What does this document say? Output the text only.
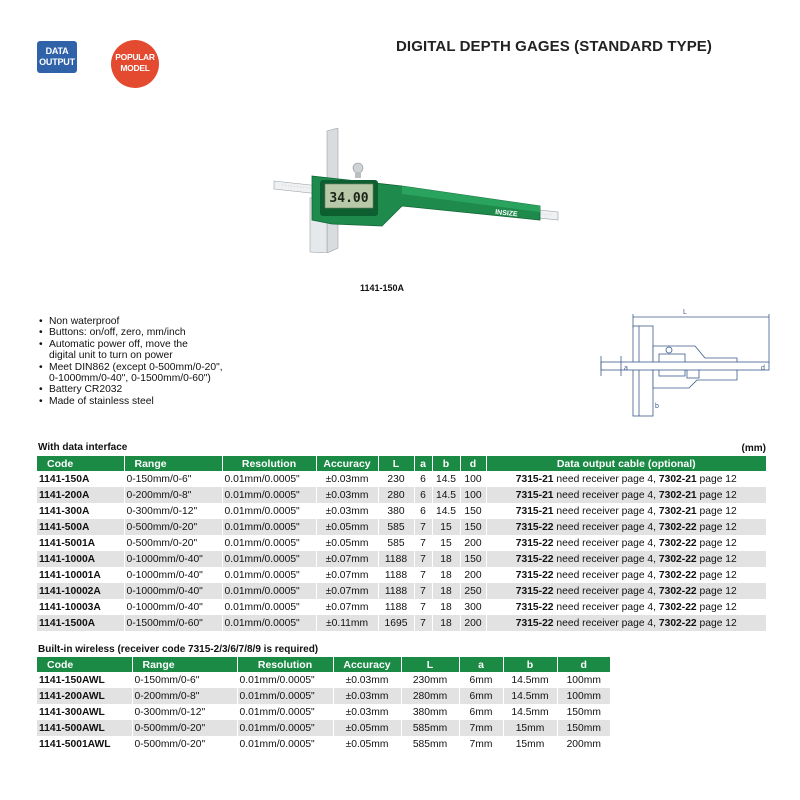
DATA
OUTPUT	POPULAR
MODEL
DIGITAL DEPTH GAGES (STANDARD TYPE)
34.00
INSIZE
1141-150A
• Non waterproof
• Buttons: on/off, zero, mm/inch
• Automatic power off, move the
digital unit to turn on power
• Meet DIN862 (except 0-500mm/0-20",
0-1000mm/0-40", 0-1500mm/0-60")
• Battery CR2032
• Made of stainless steel
L
a
b
d
With data interface	(mm)
Code	Range	Resolution	Accuracy	L	a	b	d	Data output cable (optional)
1141-150A	0-150mm/0-6"	0.01mm/0.0005"	±0.03mm	230	6	14.5	100	7315-21 need receiver page 4, 7302-21 page 12
1141-200A	0-200mm/0-8"	0.01mm/0.0005"	±0.03mm	280	6	14.5	100	7315-21 need receiver page 4, 7302-21 page 12
1141-300A	0-300mm/0-12"	0.01mm/0.0005"	±0.03mm	380	6	14.5	150	7315-21 need receiver page 4, 7302-21 page 12
1141-500A	0-500mm/0-20"	0.01mm/0.0005"	±0.05mm	585	7	15	150	7315-22 need receiver page 4, 7302-22 page 12
1141-5001A	0-500mm/0-20"	0.01mm/0.0005"	±0.05mm	585	7	15	200	7315-22 need receiver page 4, 7302-22 page 12
1141-1000A	0-1000mm/0-40"	0.01mm/0.0005"	±0.07mm	1188	7	18	150	7315-22 need receiver page 4, 7302-22 page 12
1141-10001A	0-1000mm/0-40"	0.01mm/0.0005"	±0.07mm	1188	7	18	200	7315-22 need receiver page 4, 7302-22 page 12
1141-10002A	0-1000mm/0-40"	0.01mm/0.0005"	±0.07mm	1188	7	18	250	7315-22 need receiver page 4, 7302-22 page 12
1141-10003A	0-1000mm/0-40"	0.01mm/0.0005"	±0.07mm	1188	7	18	300	7315-22 need receiver page 4, 7302-22 page 12
1141-1500A	0-1500mm/0-60"	0.01mm/0.0005"	±0.11mm	1695	7	18	200	7315-22 need receiver page 4, 7302-22 page 12
Built-in wireless (receiver code 7315-2/3/6/7/8/9 is required)
Code	Range	Resolution	Accuracy	L	a	b	d
1141-150AWL	0-150mm/0-6"	0.01mm/0.0005"	±0.03mm	230mm	6mm	14.5mm	100mm
1141-200AWL	0-200mm/0-8"	0.01mm/0.0005"	±0.03mm	280mm	6mm	14.5mm	100mm
1141-300AWL	0-300mm/0-12"	0.01mm/0.0005"	±0.03mm	380mm	6mm	14.5mm	150mm
1141-500AWL	0-500mm/0-20"	0.01mm/0.0005"	±0.05mm	585mm	7mm	15mm	150mm
1141-5001AWL	0-500mm/0-20"	0.01mm/0.0005"	±0.05mm	585mm	7mm	15mm	200mm
